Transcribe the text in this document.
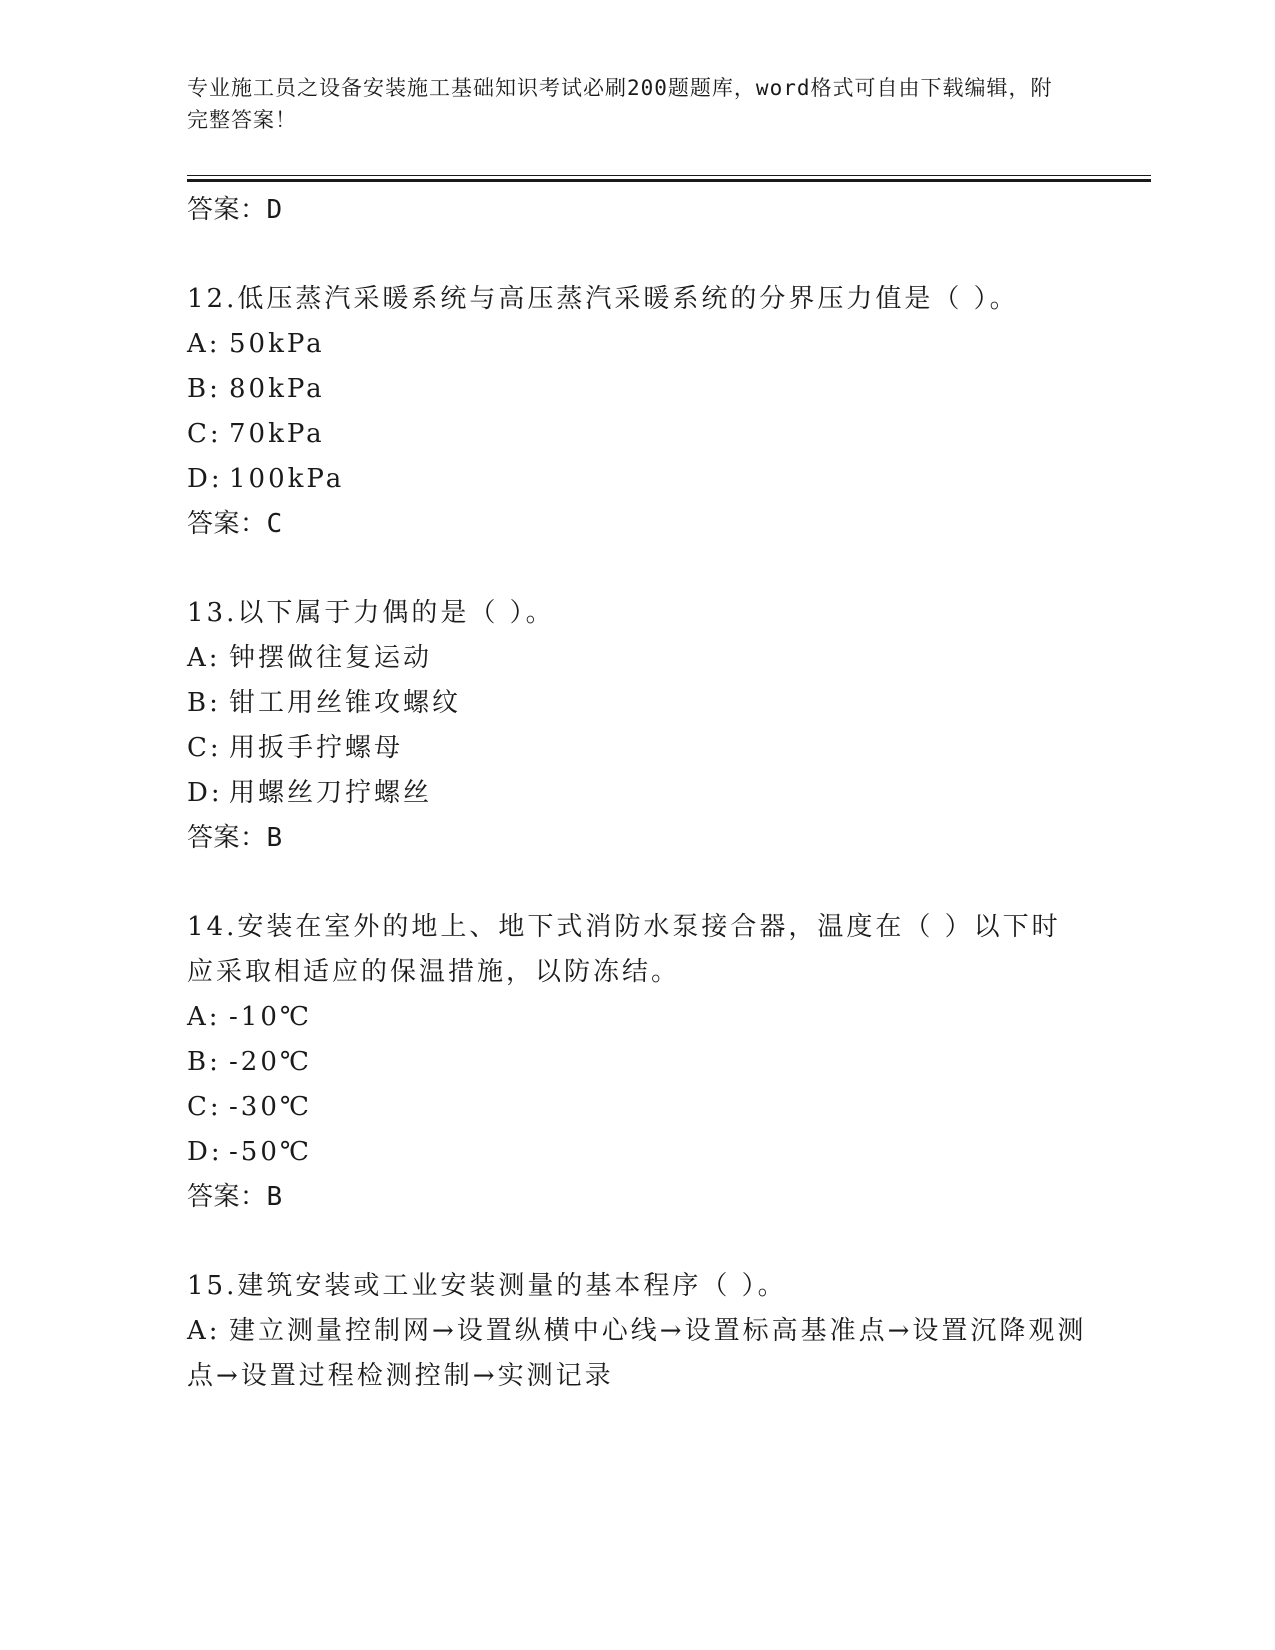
专业施工员之设备安装施工基础知识考试必刷200题题库，word格式可自由下载编辑，附完整答案！
答案：D
12.低压蒸汽采暖系统与高压蒸汽采暖系统的分界压力值是（ ）。
A: 50kPa
B: 80kPa
C: 70kPa
D: 100kPa
答案：C
13.以下属于力偶的是（ ）。
A: 钟摆做往复运动
B: 钳工用丝锥攻螺纹
C: 用扳手拧螺母
D: 用螺丝刀拧螺丝
答案：B
14.安装在室外的地上、地下式消防水泵接合器，温度在（ ）以下时应采取相适应的保温措施，以防冻结。
A: -10℃
B: -20℃
C: -30℃
D: -50℃
答案：B
15.建筑安装或工业安装测量的基本程序（ ）。
A: 建立测量控制网→设置纵横中心线→设置标高基准点→设置沉降观测点→设置过程检测控制→实测记录
